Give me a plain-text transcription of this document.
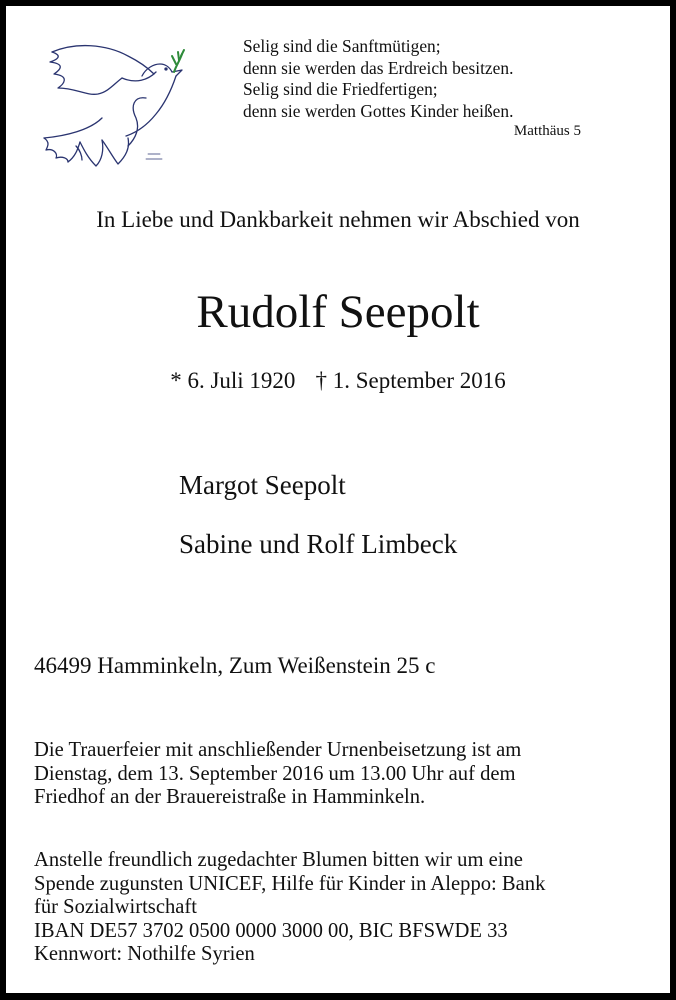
Selig sind die Sanftmütigen;
denn sie werden das Erdreich besitzen.
Selig sind die Friedfertigen;
denn sie werden Gottes Kinder heißen.
Matthäus 5
In Liebe und Dankbarkeit nehmen wir Abschied von
Rudolf Seepolt
* 6. Juli 1920 † 1. September 2016
Margot Seepolt
Sabine und Rolf Limbeck
46499 Hamminkeln, Zum Weißenstein 25 c
Die Trauerfeier mit anschließender Urnenbeisetzung ist am
Dienstag, dem 13. September 2016 um 13.00 Uhr auf dem
Friedhof an der Brauereistraße in Hamminkeln.
Anstelle freundlich zugedachter Blumen bitten wir um eine
Spende zugunsten UNICEF, Hilfe für Kinder in Aleppo: Bank
für Sozialwirtschaft
IBAN DE57 3702 0500 0000 3000 00, BIC BFSWDE 33
Kennwort: Nothilfe Syrien
